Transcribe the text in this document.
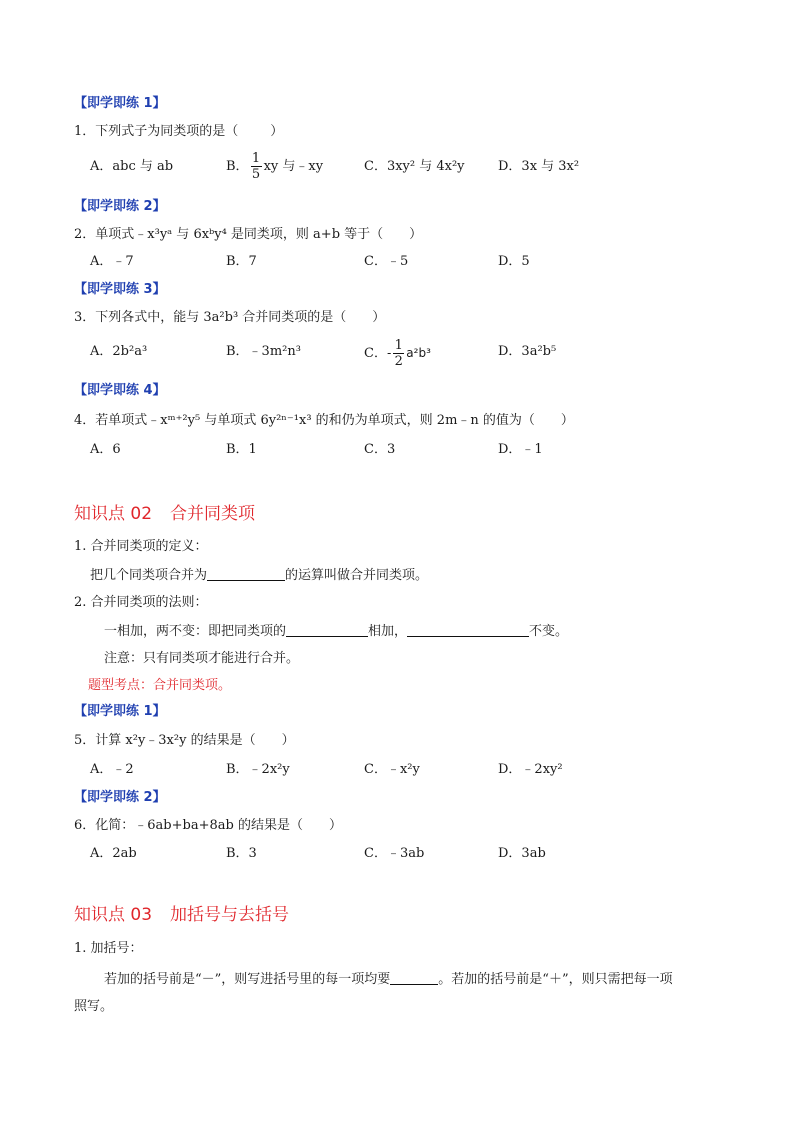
【即学即练 1】
1．下列式子为同类项的是（ ）
A．abc 与 ab	B． $\frac{1}{5}$ xy 与﹣xy	C．3xy² 与 4x²y	D．3x 与 3x²
【即学即练 2】
2．单项式﹣x³yᵃ 与 6xᵇy⁴ 是同类项，则 a+b 等于（　　）
A．﹣7	B．7	C．﹣5	D．5
【即学即练 3】
3．下列各式中，能与 3a²b³ 合并同类项的是（　　）
A．2b²a³	B．﹣3m²n³	C．- $\frac{1}{2} a^2b^3$	D．3a²b⁵
【即学即练 4】
4．若单项式﹣xᵐ⁺²y⁵ 与单项式 6y²ⁿ⁻¹x³ 的和仍为单项式，则 2m﹣n 的值为（　　）
A．6	B．1	C．3	D．﹣1
知识点 02 合并同类项
1. 合并同类项的定义：
把几个同类项合并为	的运算叫做合并同类项。
2. 合并同类项的法则：
一相加，两不变：即把同类项的	相加，	不变。
注意：只有同类项才能进行合并。
题型考点：合并同类项。
【即学即练 1】
5．计算 x²y﹣3x²y 的结果是（　　）
A．﹣2	B．﹣2x²y	C．﹣x²y	D．﹣2xy²
【即学即练 2】
6．化简：﹣6ab+ba+8ab 的结果是（　　）
A．2ab	B．3	C．﹣3ab	D．3ab
知识点 03 加括号与去括号
1. 加括号：
若加的括号前是“－”，则写进括号里的每一项均要	。若加的括号前是“＋”，则只需把每一项
照写。
